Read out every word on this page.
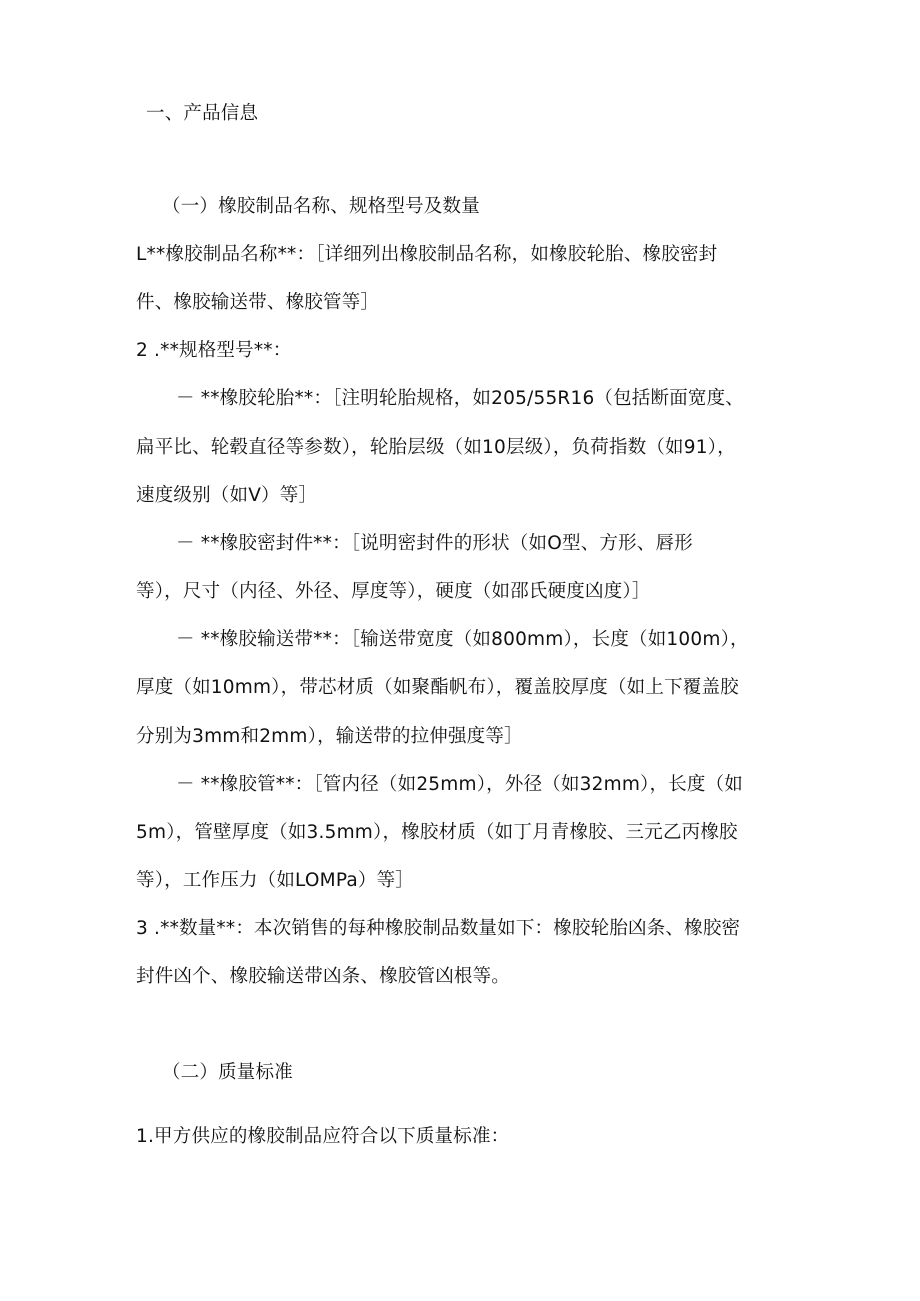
一、产品信息
（一）橡胶制品名称、规格型号及数量
L**橡胶制品名称**：［详细列出橡胶制品名称，如橡胶轮胎、橡胶密封
件、橡胶输送带、橡胶管等］
2 .**规格型号**：
－ **橡胶轮胎**：［注明轮胎规格，如205/55R16（包括断面宽度、
扁平比、轮毂直径等参数），轮胎层级（如10层级），负荷指数（如91），
速度级别（如V）等］
－ **橡胶密封件**：［说明密封件的形状（如O型、方形、唇形
等），尺寸（内径、外径、厚度等），硬度（如邵氏硬度凶度）］
－ **橡胶输送带**：［输送带宽度（如800mm），长度（如100m），
厚度（如10mm），带芯材质（如聚酯帆布），覆盖胶厚度（如上下覆盖胶
分别为3mm和2mm），输送带的拉伸强度等］
－ **橡胶管**：［管内径（如25mm），外径（如32mm），长度（如
5m），管壁厚度（如3.5mm），橡胶材质（如丁月青橡胶、三元乙丙橡胶
等），工作压力（如LOMPa）等］
3 .**数量**：本次销售的每种橡胶制品数量如下：橡胶轮胎凶条、橡胶密
封件凶个、橡胶输送带凶条、橡胶管凶根等。
（二）质量标准
1.甲方供应的橡胶制品应符合以下质量标准：
